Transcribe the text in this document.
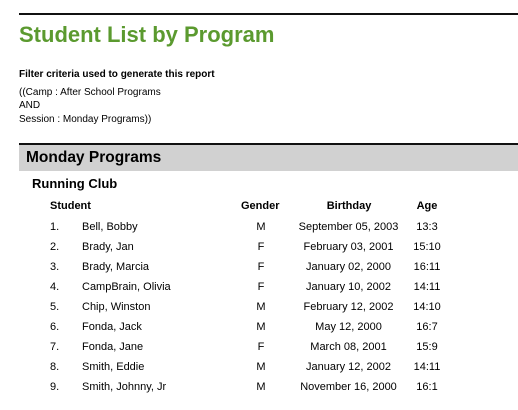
Student List by Program
Filter criteria used to generate this report
((Camp : After School Programs
AND
Session : Monday Programs))
Monday Programs
Running Club
Student	Gender	Birthday	Age
1. Bell, Bobby	M	September 05, 2003	13:3
2. Brady, Jan	F	February 03, 2001	15:10
3. Brady, Marcia	F	January 02, 2000	16:11
4. CampBrain, Olivia	F	January 10, 2002	14:11
5. Chip, Winston	M	February 12, 2002	14:10
6. Fonda, Jack	M	May 12, 2000	16:7
7. Fonda, Jane	F	March 08, 2001	15:9
8. Smith, Eddie	M	January 12, 2002	14:11
9. Smith, Johnny, Jr	M	November 16, 2000	16:1
